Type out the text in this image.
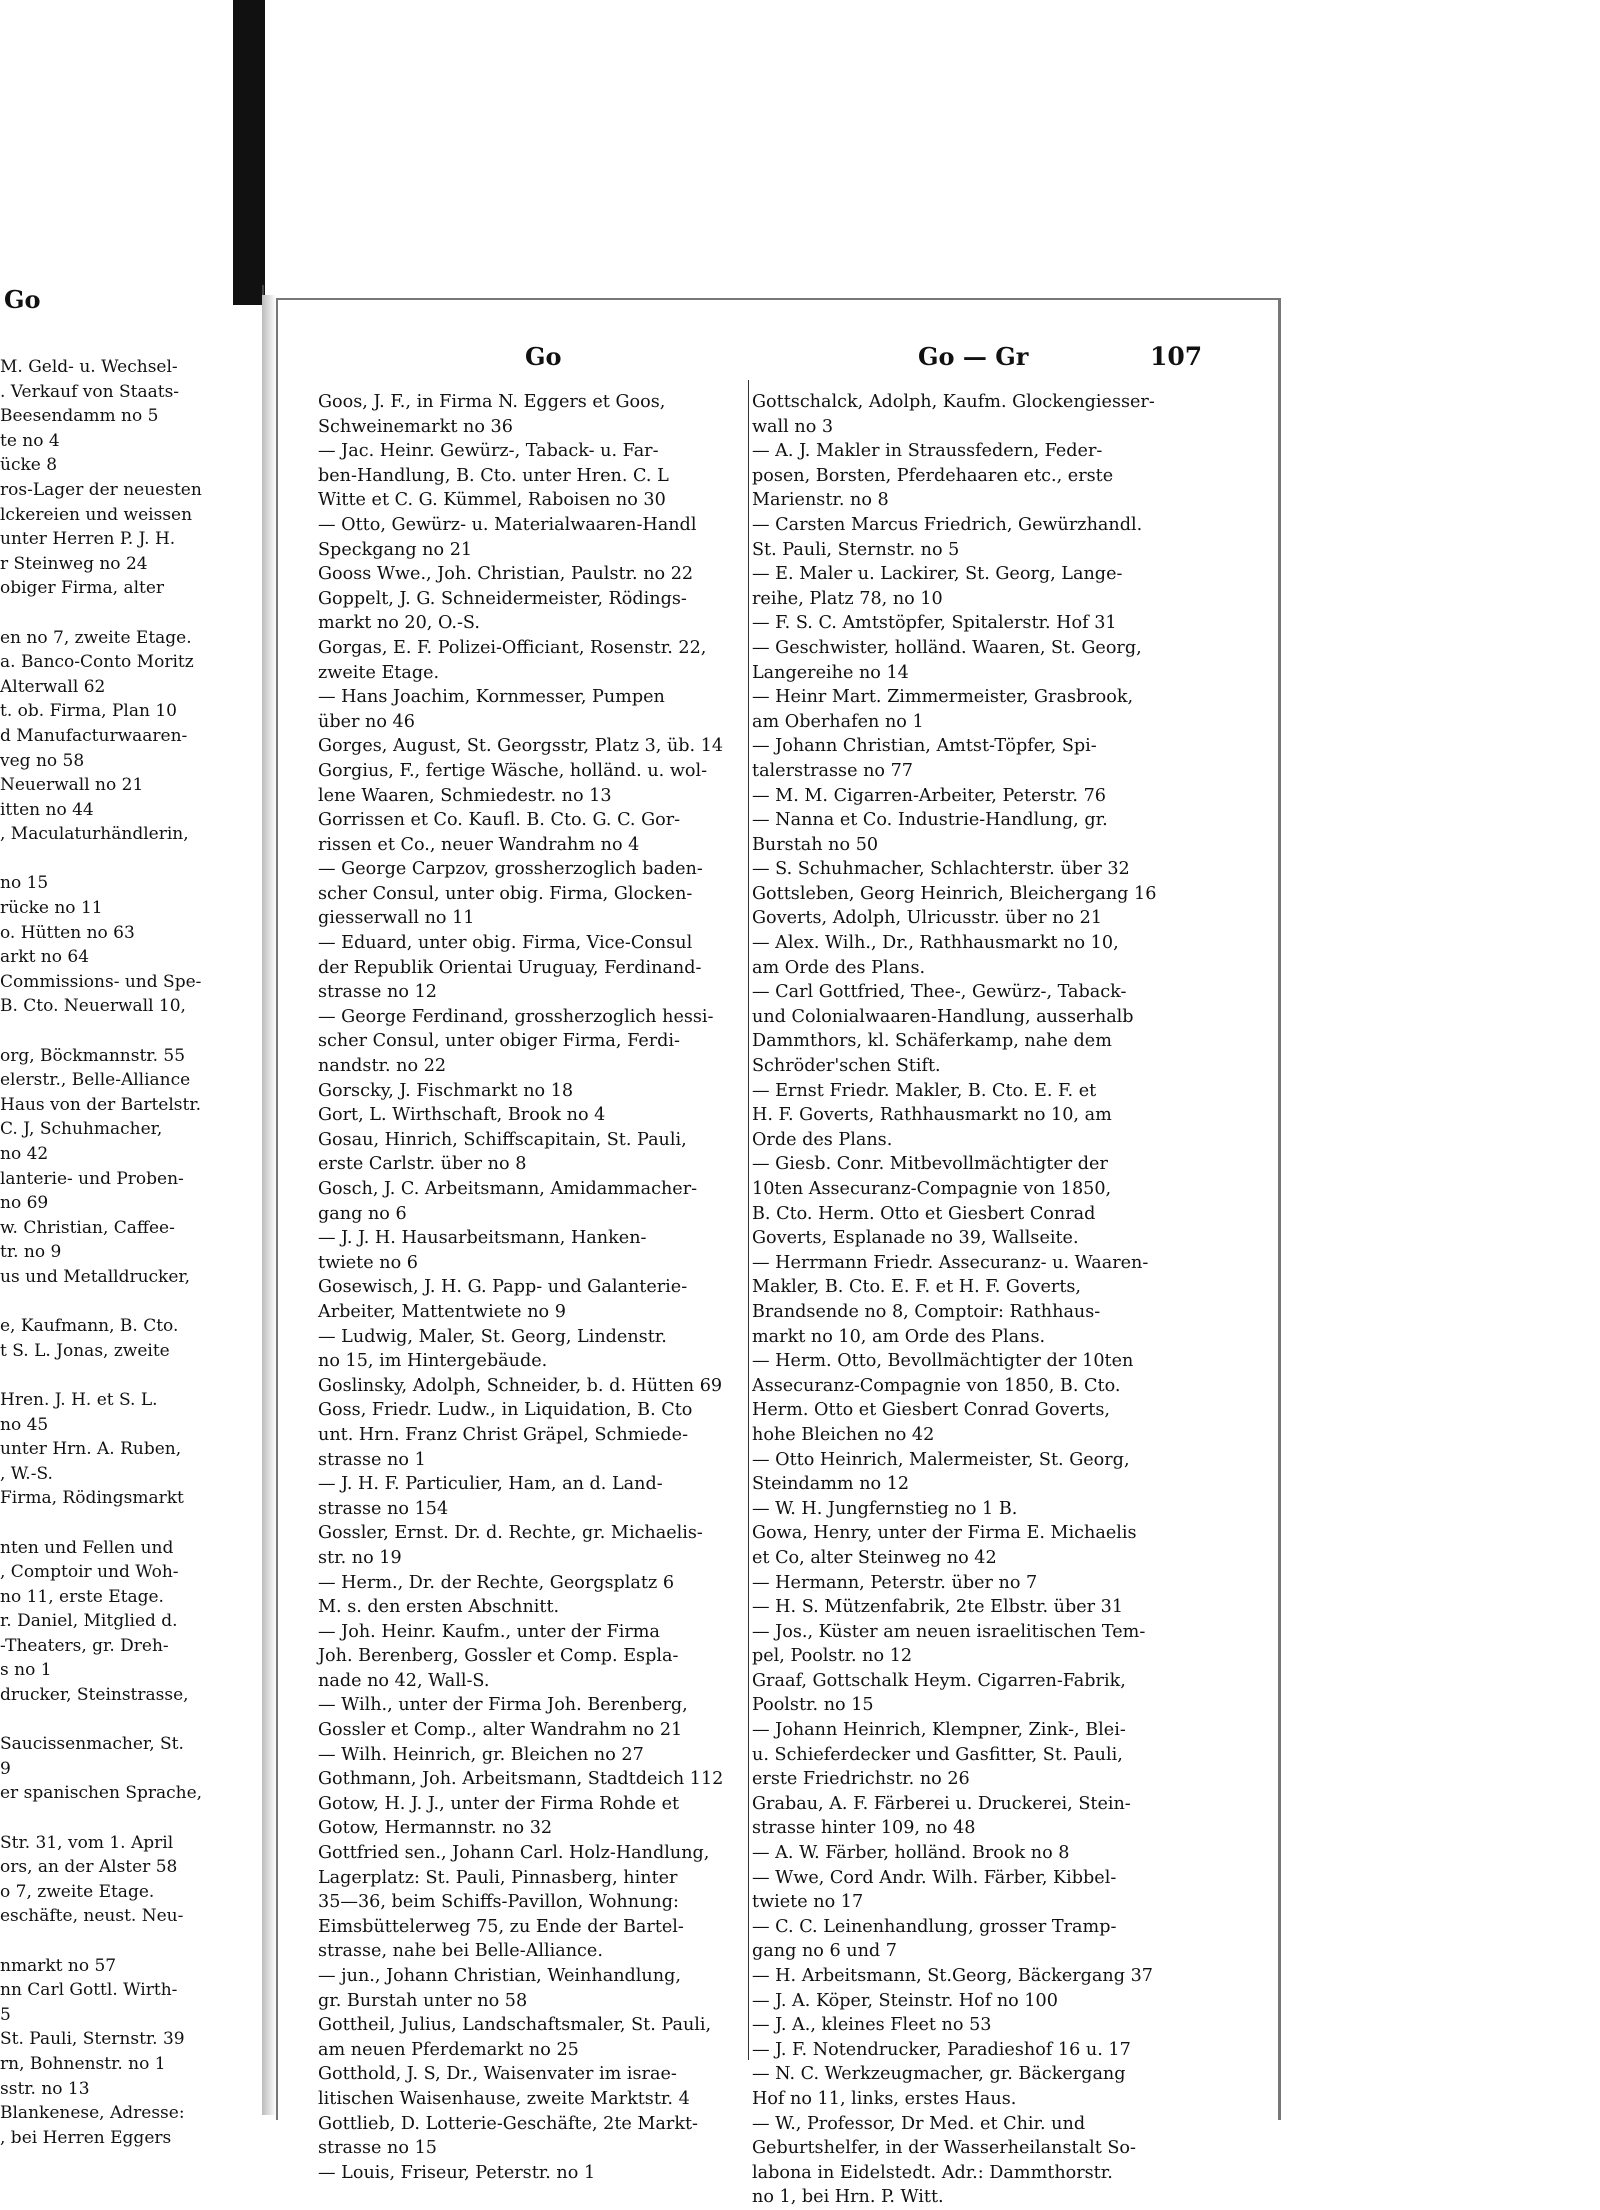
Go
M. Geld- u. Wechsel-
. Verkauf von Staats-
Beesendamm no 5
te no 4
ücke 8
ros-Lager der neuesten
lckereien und weissen
unter Herren P. J. H.
r Steinweg no 24
obiger Firma, alter
en no 7, zweite Etage.
a. Banco-Conto Moritz
Alterwall 62
t. ob. Firma, Plan 10
d Manufacturwaaren-
veg no 58
Neuerwall no 21
itten no 44
, Maculaturhändlerin,
no 15
rücke no 11
o. Hütten no 63
arkt no 64
Commissions- und Spe-
B. Cto. Neuerwall 10,
org, Böckmannstr. 55
elerstr., Belle-Alliance
Haus von der Bartelstr.
C. J, Schuhmacher,
no 42
lanterie- und Proben-
no 69
w. Christian, Caffee-
tr. no 9
us und Metalldrucker,
e, Kaufmann, B. Cto.
t S. L. Jonas, zweite
Hren. J. H. et S. L.
no 45
unter Hrn. A. Ruben,
, W.-S.
Firma, Rödingsmarkt
nten und Fellen und
, Comptoir und Woh-
no 11, erste Etage.
r. Daniel, Mitglied d.
-Theaters, gr. Dreh-
s no 1
drucker, Steinstrasse,
Saucissenmacher, St.
9
er spanischen Sprache,
Str. 31, vom 1. April
ors, an der Alster 58
o 7, zweite Etage.
eschäfte, neust. Neu-
nmarkt no 57
nn Carl Gottl. Wirth-
5
St. Pauli, Sternstr. 39
rn, Bohnenstr. no 1
sstr. no 13
Blankenese, Adresse:
, bei Herren Eggers
Go	Go — Gr	107
Goos, J. F., in Firma N. Eggers et Goos,
Schweinemarkt no 36
— Jac. Heinr. Gewürz-, Taback- u. Far-
ben-Handlung, B. Cto. unter Hren. C. L
Witte et C. G. Kümmel, Raboisen no 30
— Otto, Gewürz- u. Materialwaaren-Handl
Speckgang no 21
Gooss Wwe., Joh. Christian, Paulstr. no 22
Goppelt, J. G. Schneidermeister, Rödings-
markt no 20, O.-S.
Gorgas, E. F. Polizei-Officiant, Rosenstr. 22,
zweite Etage.
— Hans Joachim, Kornmesser, Pumpen
über no 46
Gorges, August, St. Georgsstr, Platz 3, üb. 14
Gorgius, F., fertige Wäsche, holländ. u. wol-
lene Waaren, Schmiedestr. no 13
Gorrissen et Co. Kaufl. B. Cto. G. C. Gor-
rissen et Co., neuer Wandrahm no 4
— George Carpzov, grossherzoglich baden-
scher Consul, unter obig. Firma, Glocken-
giesserwall no 11
— Eduard, unter obig. Firma, Vice-Consul
der Republik Orientai Uruguay, Ferdinand-
strasse no 12
— George Ferdinand, grossherzoglich hessi-
scher Consul, unter obiger Firma, Ferdi-
nandstr. no 22
Gorscky, J. Fischmarkt no 18
Gort, L. Wirthschaft, Brook no 4
Gosau, Hinrich, Schiffscapitain, St. Pauli,
erste Carlstr. über no 8
Gosch, J. C. Arbeitsmann, Amidammacher-
gang no 6
— J. J. H. Hausarbeitsmann, Hanken-
twiete no 6
Gosewisch, J. H. G. Papp- und Galanterie-
Arbeiter, Mattentwiete no 9
— Ludwig, Maler, St. Georg, Lindenstr.
no 15, im Hintergebäude.
Goslinsky, Adolph, Schneider, b. d. Hütten 69
Goss, Friedr. Ludw., in Liquidation, B. Cto
unt. Hrn. Franz Christ Gräpel, Schmiede-
strasse no 1
— J. H. F. Particulier, Ham, an d. Land-
strasse no 154
Gossler, Ernst. Dr. d. Rechte, gr. Michaelis-
str. no 19
— Herm., Dr. der Rechte, Georgsplatz 6
M. s. den ersten Abschnitt.
— Joh. Heinr. Kaufm., unter der Firma
Joh. Berenberg, Gossler et Comp. Espla-
nade no 42, Wall-S.
— Wilh., unter der Firma Joh. Berenberg,
Gossler et Comp., alter Wandrahm no 21
— Wilh. Heinrich, gr. Bleichen no 27
Gothmann, Joh. Arbeitsmann, Stadtdeich 112
Gotow, H. J. J., unter der Firma Rohde et
Gotow, Hermannstr. no 32
Gottfried sen., Johann Carl. Holz-Handlung,
Lagerplatz: St. Pauli, Pinnasberg, hinter
35—36, beim Schiffs-Pavillon, Wohnung:
Eimsbüttelerweg 75, zu Ende der Bartel-
strasse, nahe bei Belle-Alliance.
— jun., Johann Christian, Weinhandlung,
gr. Burstah unter no 58
Gottheil, Julius, Landschaftsmaler, St. Pauli,
am neuen Pferdemarkt no 25
Gotthold, J. S, Dr., Waisenvater im israe-
litischen Waisenhause, zweite Marktstr. 4
Gottlieb, D. Lotterie-Geschäfte, 2te Markt-
strasse no 15
— Louis, Friseur, Peterstr. no 1
Gottschalck, Adolph, Kaufm. Glockengiesser-
wall no 3
— A. J. Makler in Straussfedern, Feder-
posen, Borsten, Pferdehaaren etc., erste
Marienstr. no 8
— Carsten Marcus Friedrich, Gewürzhandl.
St. Pauli, Sternstr. no 5
— E. Maler u. Lackirer, St. Georg, Lange-
reihe, Platz 78, no 10
— F. S. C. Amtstöpfer, Spitalerstr. Hof 31
— Geschwister, holländ. Waaren, St. Georg,
Langereihe no 14
— Heinr Mart. Zimmermeister, Grasbrook,
am Oberhafen no 1
— Johann Christian, Amtst-Töpfer, Spi-
talerstrasse no 77
— M. M. Cigarren-Arbeiter, Peterstr. 76
— Nanna et Co. Industrie-Handlung, gr.
Burstah no 50
— S. Schuhmacher, Schlachterstr. über 32
Gottsleben, Georg Heinrich, Bleichergang 16
Goverts, Adolph, Ulricusstr. über no 21
— Alex. Wilh., Dr., Rathhausmarkt no 10,
am Orde des Plans.
— Carl Gottfried, Thee-, Gewürz-, Taback-
und Colonialwaaren-Handlung, ausserhalb
Dammthors, kl. Schäferkamp, nahe dem
Schröder'schen Stift.
— Ernst Friedr. Makler, B. Cto. E. F. et
H. F. Goverts, Rathhausmarkt no 10, am
Orde des Plans.
— Giesb. Conr. Mitbevollmächtigter der
10ten Assecuranz-Compagnie von 1850,
B. Cto. Herm. Otto et Giesbert Conrad
Goverts, Esplanade no 39, Wallseite.
— Herrmann Friedr. Assecuranz- u. Waaren-
Makler, B. Cto. E. F. et H. F. Goverts,
Brandsende no 8, Comptoir: Rathhaus-
markt no 10, am Orde des Plans.
— Herm. Otto, Bevollmächtigter der 10ten
Assecuranz-Compagnie von 1850, B. Cto.
Herm. Otto et Giesbert Conrad Goverts,
hohe Bleichen no 42
— Otto Heinrich, Malermeister, St. Georg,
Steindamm no 12
— W. H. Jungfernstieg no 1 B.
Gowa, Henry, unter der Firma E. Michaelis
et Co, alter Steinweg no 42
— Hermann, Peterstr. über no 7
— H. S. Mützenfabrik, 2te Elbstr. über 31
— Jos., Küster am neuen israelitischen Tem-
pel, Poolstr. no 12
Graaf, Gottschalk Heym. Cigarren-Fabrik,
Poolstr. no 15
— Johann Heinrich, Klempner, Zink-, Blei-
u. Schieferdecker und Gasfitter, St. Pauli,
erste Friedrichstr. no 26
Grabau, A. F. Färberei u. Druckerei, Stein-
strasse hinter 109, no 48
— A. W. Färber, holländ. Brook no 8
— Wwe, Cord Andr. Wilh. Färber, Kibbel-
twiete no 17
— C. C. Leinenhandlung, grosser Tramp-
gang no 6 und 7
— H. Arbeitsmann, St.Georg, Bäckergang 37
— J. A. Köper, Steinstr. Hof no 100
— J. A., kleines Fleet no 53
— J. F. Notendrucker, Paradieshof 16 u. 17
— N. C. Werkzeugmacher, gr. Bäckergang
Hof no 11, links, erstes Haus.
— W., Professor, Dr Med. et Chir. und
Geburtshelfer, in der Wasserheilanstalt So-
labona in Eidelstedt. Adr.: Dammthorstr.
no 1, bei Hrn. P. Witt.
